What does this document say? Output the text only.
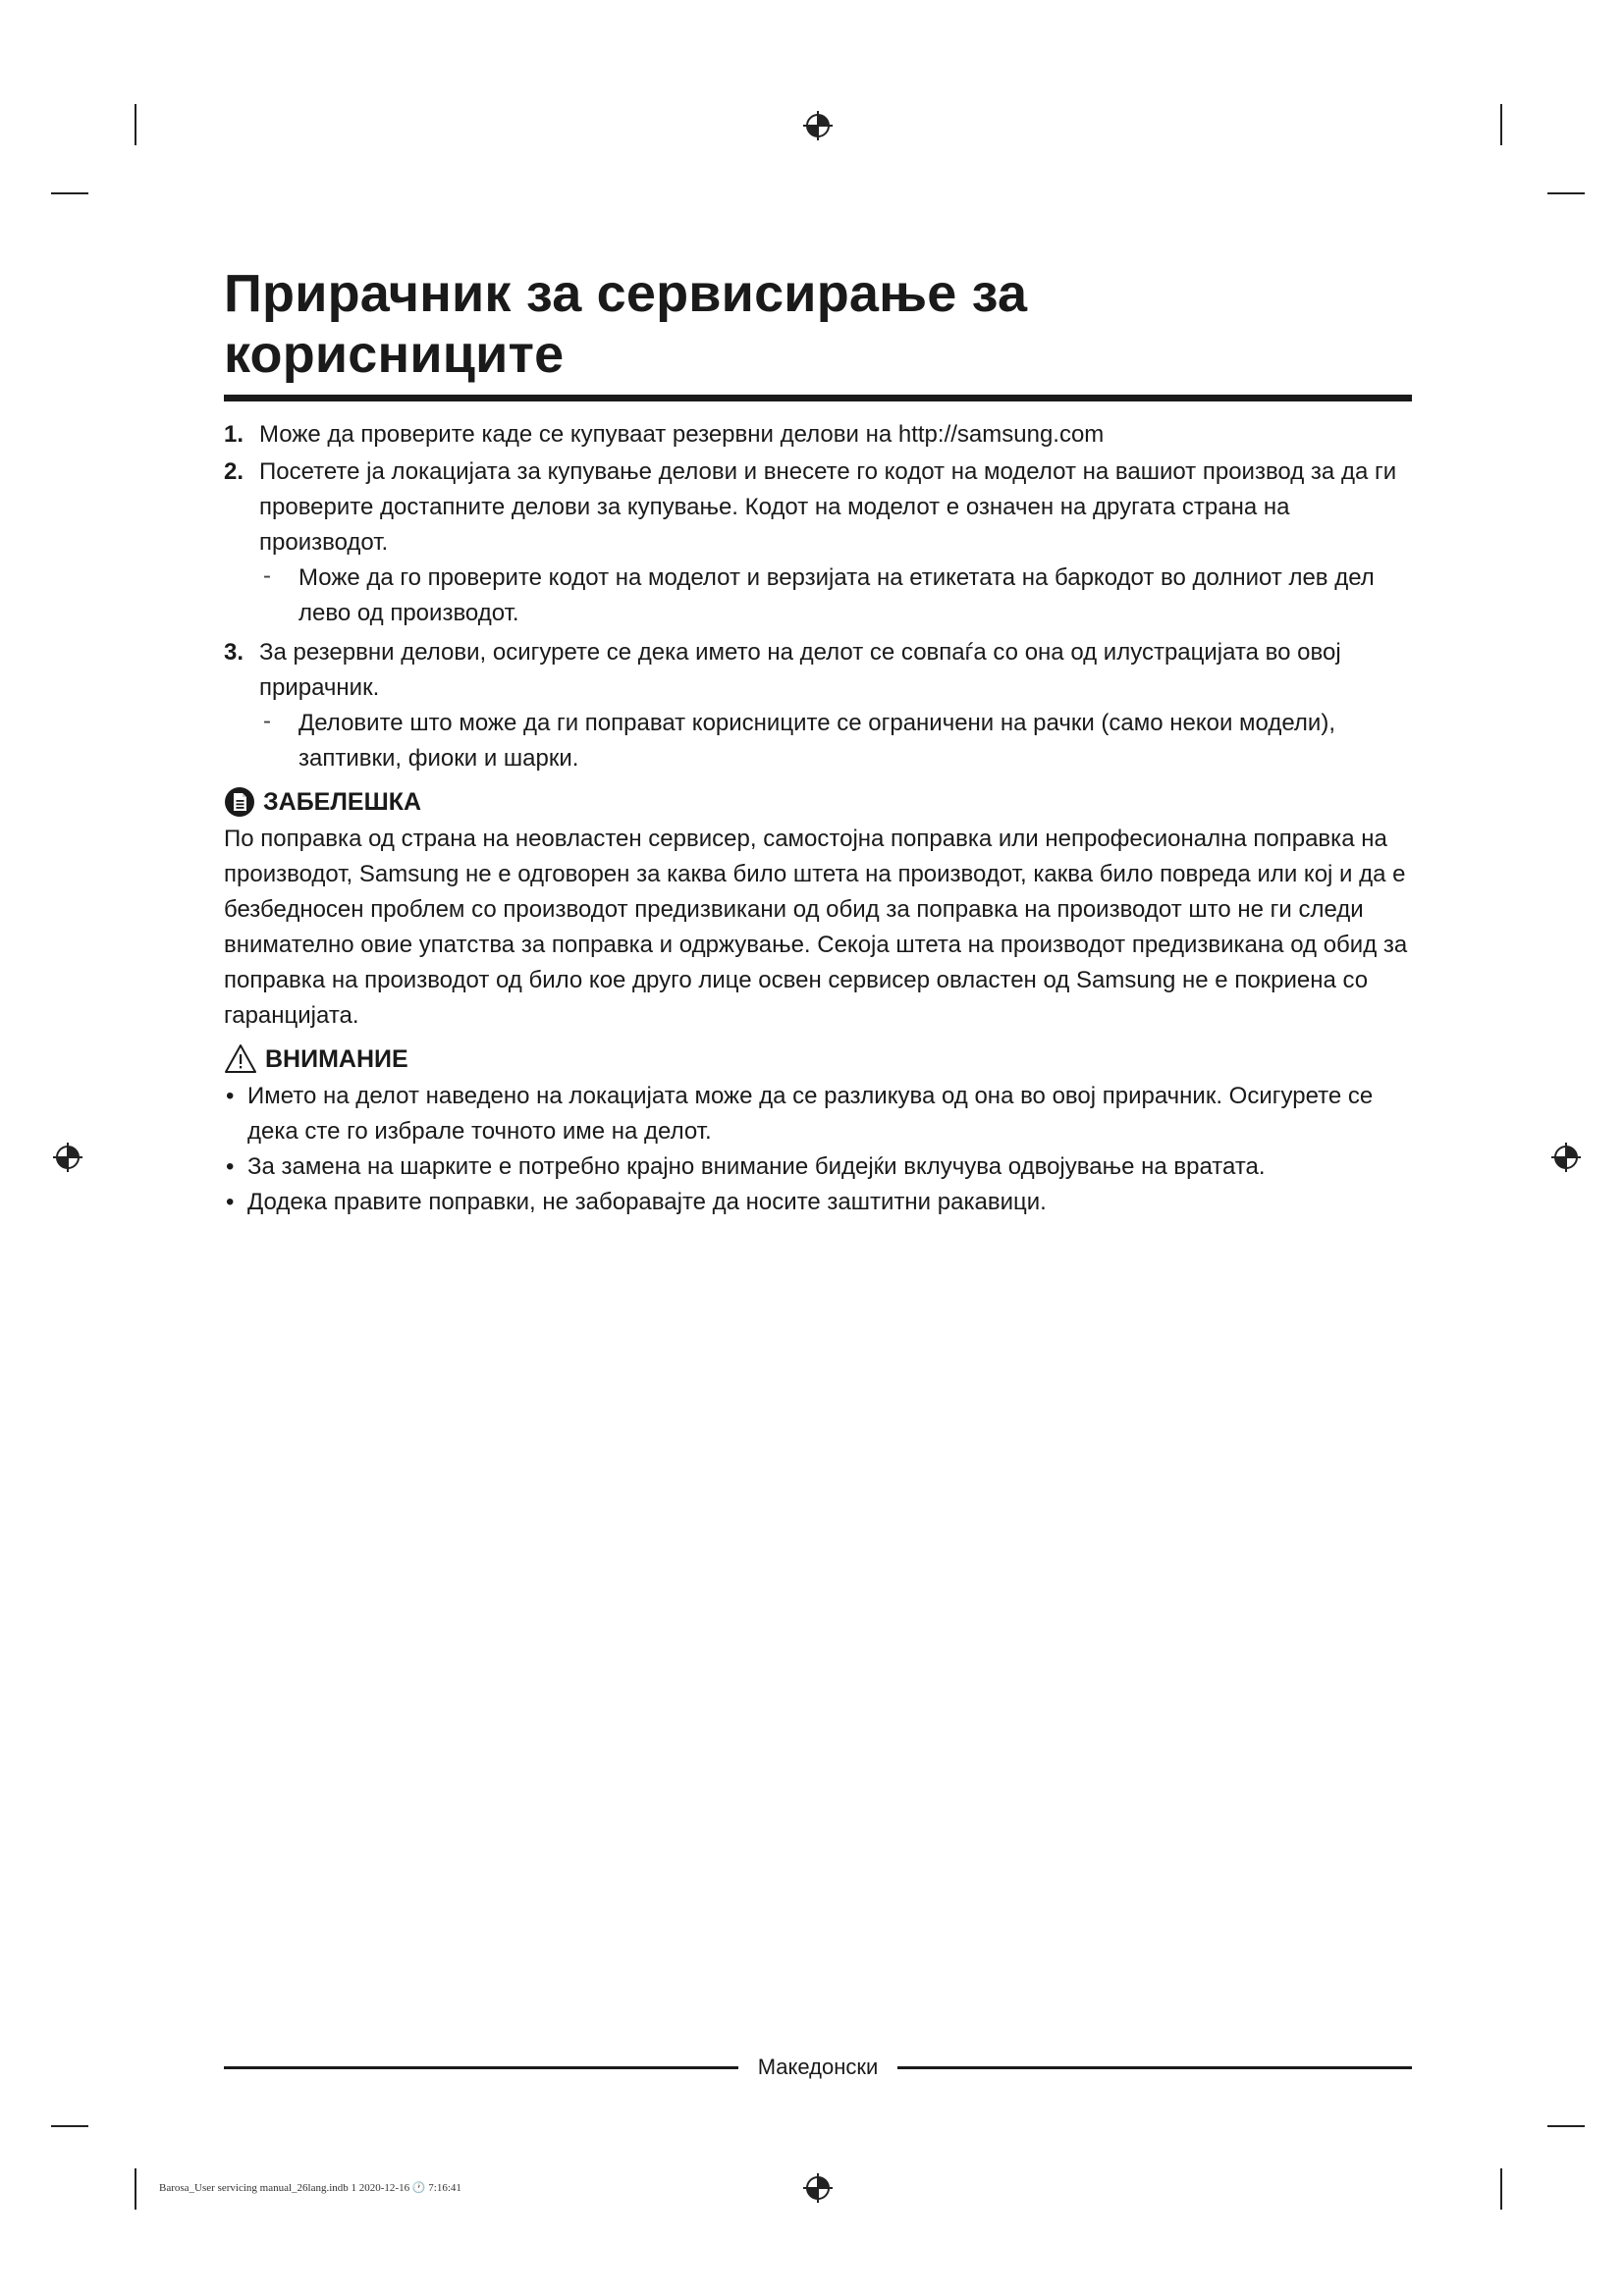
Прирачник за сервисирање за
корисниците
1. Може да проверите каде се купуваат резервни делови на http://samsung.com
2. Посетете ја локацијата за купување делови и внесете го кодот на моделот на вашиот производ за да ги проверите достапните делови за купување. Кодот на моделот е означен на другата страна на производот.
- Може да го проверите кодот на моделот и верзијата на етикетата на баркодот во долниот лев дел лево од производот.
3. За резервни делови, осигурете се дека името на делот се совпаѓа со она од илустрацијата во овој прирачник.
- Деловите што може да ги поправат корисниците се ограничени на рачки (само некои модели), заптивки, фиоки и шарки.
ЗАБЕЛЕШКА
По поправка од страна на неовластен сервисер, самостојна поправка или непрофесионална поправка на производот, Samsung не е одговорен за каква било штета на производот, каква било повреда или кој и да е безбедносен проблем со производот предизвикани од обид за поправка на производот што не ги следи внимателно овие упатства за поправка и одржување. Секоја штета на производот предизвикана од обид за поправка на производот од било кое друго лице освен сервисер овластен од Samsung не е покриена со гаранцијата.
ВНИМАНИЕ
• Името на делот наведено на локацијата може да се разликува од она во овој прирачник. Осигурете се дека сте го избрале точното име на делот.
• За замена на шарките е потребно крајно внимание бидејќи вклучува одвојување на вратата.
• Додека правите поправки, не заборавајте да носите заштитни ракавици.
Македонски
Barosa_User servicing manual_26lang.indb 1 2020-12-16 🕐 7:16:41
